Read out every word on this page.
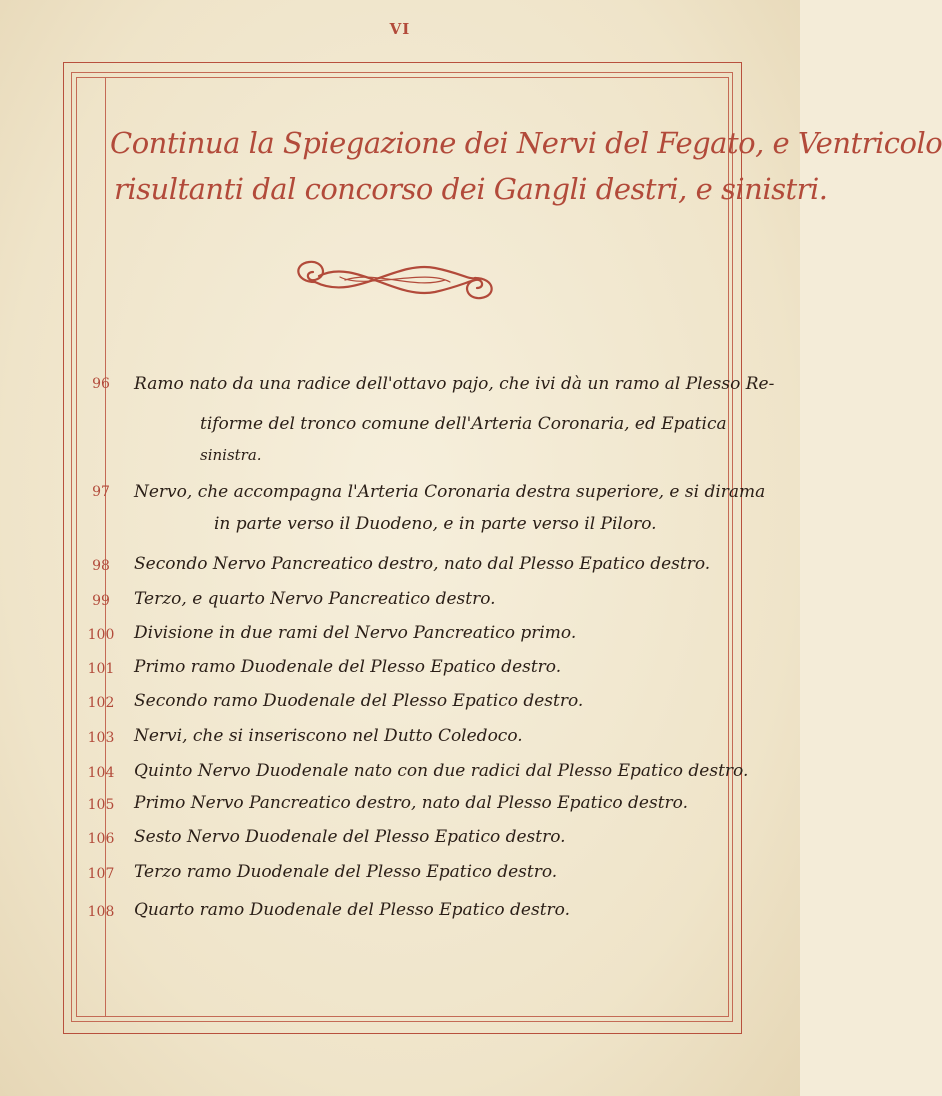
VI
Continua la Spiegazione dei Nervi del Fegato, e Ventricolo
risultanti dal concorso dei Gangli destri, e sinistri.
96	Ramo nato da una radice dell'ottavo pajo, che ivi dà un ramo al Plesso Re-
tiforme del tronco comune dell'Arteria Coronaria, ed Epatica
sinistra.
97	Nervo, che accompagna l'Arteria Coronaria destra superiore, e si dirama
in parte verso il Duodeno, e in parte verso il Piloro.
98	Secondo Nervo Pancreatico destro, nato dal Plesso Epatico destro.
99	Terzo, e quarto Nervo Pancreatico destro.
100	Divisione in due rami del Nervo Pancreatico primo.
101	Primo ramo Duodenale del Plesso Epatico destro.
102	Secondo ramo Duodenale del Plesso Epatico destro.
103	Nervi, che si inseriscono nel Dutto Coledoco.
104	Quinto Nervo Duodenale nato con due radici dal Plesso Epatico destro.
105	Primo Nervo Pancreatico destro, nato dal Plesso Epatico destro.
106	Sesto Nervo Duodenale del Plesso Epatico destro.
107	Terzo ramo Duodenale del Plesso Epatico destro.
108	Quarto ramo Duodenale del Plesso Epatico destro.
